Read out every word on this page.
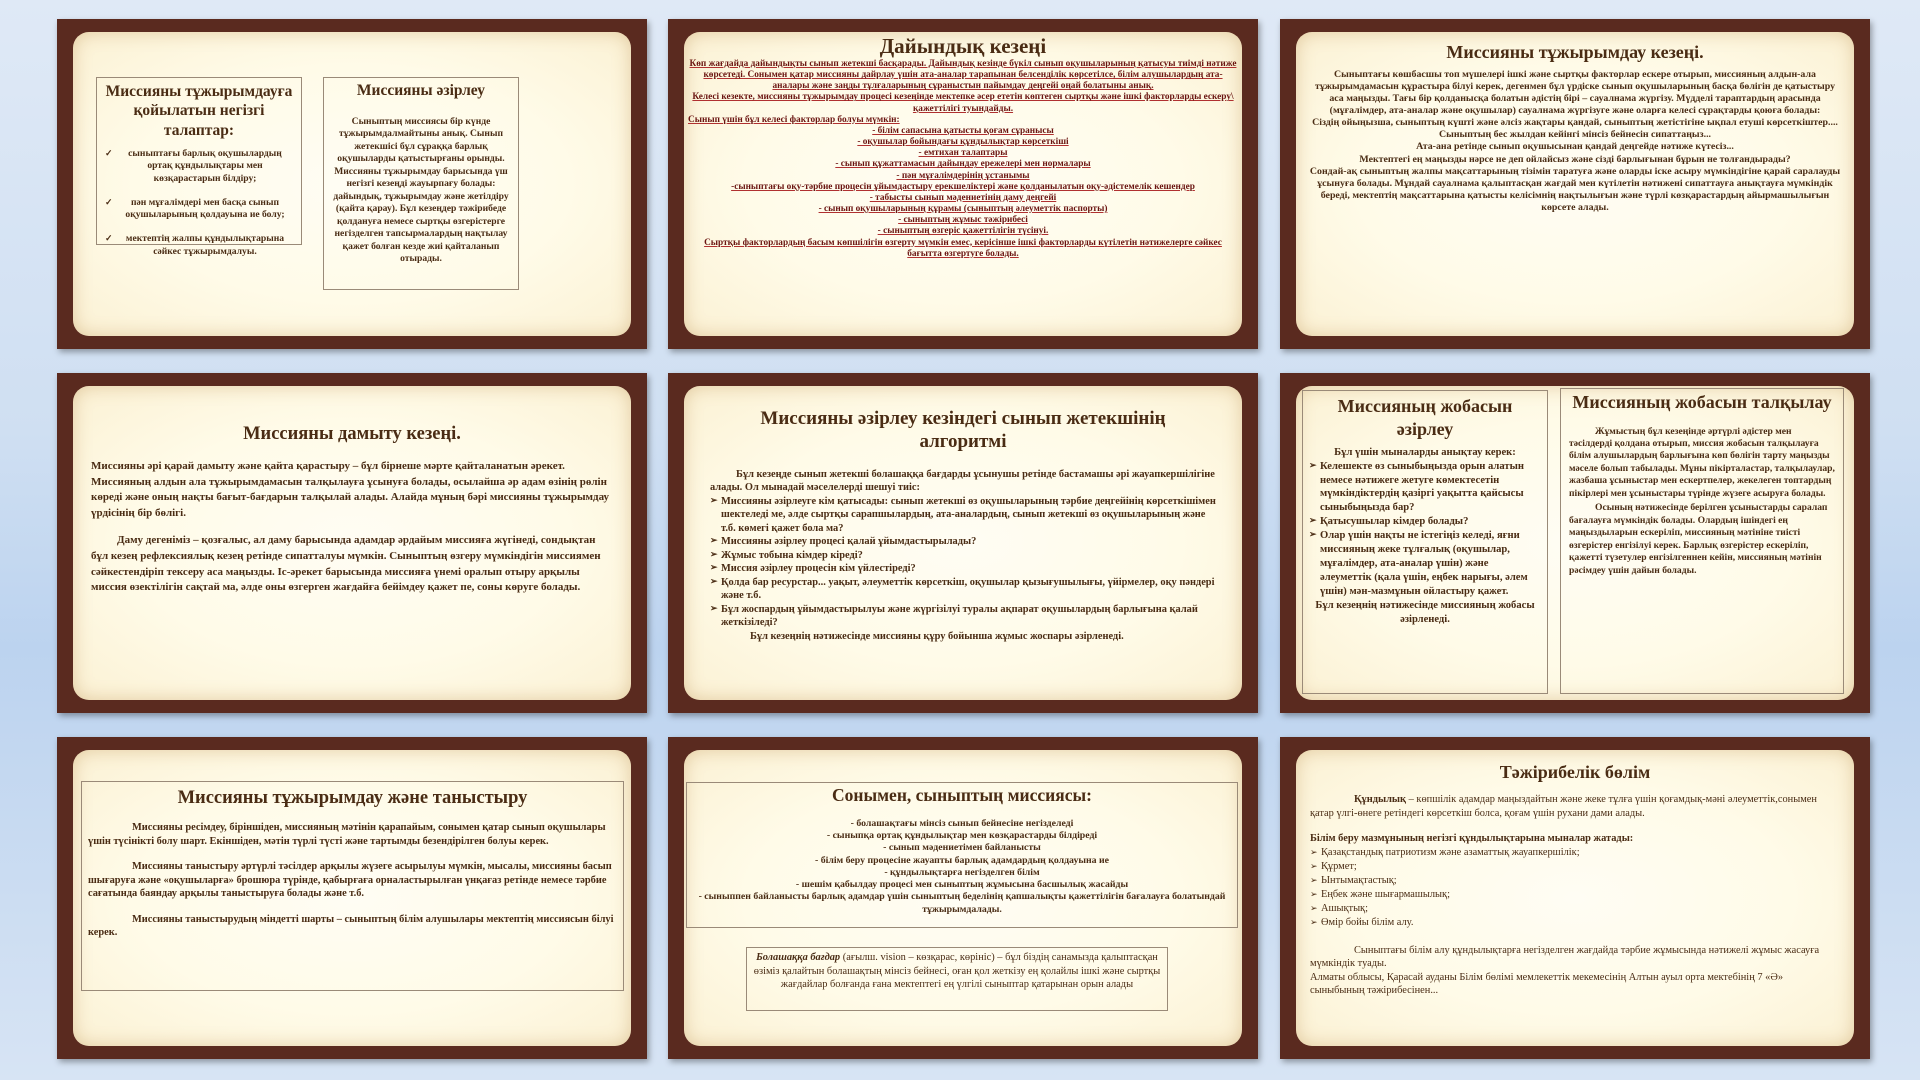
Миссияны тұжырымдауға қойылатын негізгі талаптар:
✓ сыныптағы барлық оқушылардың ортақ құндылықтары мен көзқарастарын білдіру;
✓ пән мұғалімдері мен басқа сынып оқушыларының қолдауына ие болу;
✓ мектептің жалпы құндылықтарына сәйкес тұжырымдалуы.
Миссияны әзірлеу

Сыныптың миссиясы бір күнде тұжырымдалмайтыны анық. Сынып жетекшісі бұл сұраққа барлық оқушыларды қатыстырғаны орынды. Миссияны тұжырымдау барысында үш негізгі кезеңді жауырпағу болады: дайындық, тұжырымдау және жетілдіру (қайта қарау). Бұл кезеңдер тәжірибеде қолдануға немесе сыртқы өзгерістерге негізделген тапсырмалардың нақтылау қажет болған кезде жиі қайталанып отырады.

Дайындық кезеңі

Көп жағдайда дайындықты сынып жетекші басқарады. Дайындық кезінде бүкіл сынып оқушыларының қатысуы тиімді нәтиже көрсетеді. Сонымен қатар миссияны дайрлау үшін ата-аналар тарапынан белсенділік көрсетілсе, білім алушылардың ата-аналары және заңды тұлғаларының сұраныстын пайымдау деңгейі оңай болатыны анық.

Келесі кезекте, миссияны тұжырымдау процесі кезеңінде мектепке әсер ететін көптеген сыртқы және ішкі факторларды ескеру\ қажеттілігі туындайды.

Сынып үшін бұл келесі факторлар болуы мүмкін:

- білім сапасына қатысты қоғам сұранысы

- оқушылар бойындағы құндылықтар көрсеткіші

- емтихан талаптары

- сынып құжаттамасын дайындау ережелері мен нормалары

- пән мұғалімдерінің ұстанымы

-сыныптағы оқу-тәрбие процесін ұйымдастыру ерекшеліктері және қолданылатын оқу-әдістемелік кешендер

- табысты сынып мәдениетінің даму деңгейі

- сынып оқушыларының құрамы (сыныптың әлеуметтік паспорты)

- сыныптың жұмыс тәжірибесі

- сыныптың өзгеріс қажеттілігін түсінуі.

Сыртқы факторлардың басым көпшілігін өзгерту мүмкін емес, керісінше ішкі факторларды күтілетін нәтижелерге сәйкес бағытта өзгертуге болады.

Миссияны тұжырымдау кезеңі.

Сыныптағы көшбасшы топ мүшелері ішкі және сыртқы факторлар ескере отырып, миссияның алдын-ала тұжырымдамасын құрастыра білуі керек, дегенмен бұл үрдіске сынып оқушыларының басқа бөлігін де қатыстыру аса маңызды. Тағы бір қолданысқа болатын әдістің бірі – сауалнама жүргізу. Мүдделі тараптардың арасында (мұғалімдер, ата-аналар және оқушылар) сауалнама жүргізуге және оларға келесі сұрақтарды қоюға болады:

Сіздің ойыңызша, сыныптың күшті және әлсіз жақтары қандай, сыныптың жетістігіне ықпал етуші көрсеткіштер....

Сыныптың бес жылдан кейінгі мінсіз бейнесін сипаттаңыз...

Ата-ана ретінде сынып оқушысынан қандай деңгейде нәтиже күтесіз...

Мектептегі ең маңызды нәрсе не деп ойлайсыз және сізді барлығынан бұрын не толғандырады?

Сондай-ақ сыныптың жалпы мақсаттарының тізімін таратуға және оларды іске асыру мүмкіндігіне қарай саралауды ұсынуға болады. Мұндай сауалнама қалыптасқан жағдай мен күтілетін нәтижені сипаттауға анықтауға мүмкіндік береді, мектептің мақсаттарына қатысты келісімнің нақтылығын және түрлі көзқарастардың айырмашылығын көрсете алады.

Миссияны дамыту кезеңі.

Миссияны әрі қарай дамыту және қайта қарастыру – бұл бірнеше мәрте қайталанатын әрекет. Миссияның алдын ала тұжырымдамасын талқылауға ұсынуға болады, осылайша әр адам өзінің рөлін көреді және оның нақты бағыт-бағдарын талқылай алады. Алайда мұның бәрі миссияны тұжырымдау үрдісінің бір бөлігі.

Даму дегеніміз – қозғалыс, ал даму барысында адамдар әрдайым миссияға жүгінеді, сондықтан бұл кезең рефлексиялық кезең ретінде сипатталуы мүмкін. Сыныптың өзгеру мүмкіндігін миссиямен сәйкестендіріп тексеру аса маңызды. Іс-әрекет барысында миссияға үнемі оралып отыру арқылы миссия өзектілігін сақтай ма, әлде оны өзгерген жағдайға бейімдеу қажет пе, соны көруге болады.

Миссияны әзірлеу кезіндегі сынып жетекшінің алгоритмі

Бұл кезеңде сынып жетекші болашаққа бағдарды ұсынушы ретінде бастамашы әрі жауапкершілігіне алады. Ол мынадай мәселелерді шешуі тиіс:

➢ Миссияны әзірлеуге кім қатысады: сынып жетекші өз оқушыларының тәрбие деңгейінің көрсеткішімен шектеледі ме, әлде сыртқы сарапшылардың, ата-аналардың, сынып жетекші өз оқушыларының және т.б. көмегі қажет бола ма?
➢ Миссияны әзірлеу процесі қалай ұйымдастырылады?
➢ Жұмыс тобына кімдер кіреді?
➢ Миссия әзірлеу процесін кім үйлестіреді?
➢ Қолда бар ресурстар... уақыт, әлеуметтік көрсеткіш, оқушылар қызығушылығы, үйірмелер, оқу пәндері және т.б.
➢ Бұл жоспардың ұйымдастырылуы және жүргізілуі туралы ақпарат оқушылардың барлығына қалай жеткізіледі?

Бұл кезеңнің нәтижесінде миссияны құру бойынша жұмыс жоспары әзірленеді.

Миссияның жобасын әзірлеу

Бұл үшін мыналарды анықтау керек:

➢ Келешекте өз сыныбыңызда орын алатын немесе нәтижеге жетуге көмектесетін мүмкіндіктердің қазіргі уақытта қайсысы сыныбыңызда бар?
➢ Қатысушылар кімдер болады?
➢ Олар үшін нақты не істегіңіз келеді, яғни миссияның жеке тұлғалық (оқушылар, мұғалімдер, ата-аналар үшін) және әлеуметтік (қала үшін, еңбек нарығы, әлем үшін) мән-мазмұнын ойластыру қажет.

Бұл кезеңнің нәтижесінде миссияның жобасы әзірленеді.

Миссияның жобасын талқылау

Жұмыстың бұл кезеңінде әртүрлі әдістер мен тәсілдерді қолдана отырып, миссия жобасын талқылауға білім алушылардың барлығына көп бөлігін тарту маңызды мәселе болып табылады. Мұны пікірталастар, талқылаулар, жазбаша ұсыныстар мен ескертпелер, жекелеген топтардың пікірлері мен ұсыныстары түрінде жүзеге асыруға болады.

Осының нәтижесінде берілген ұсыныстарды саралап бағалауға мүмкіндік болады. Олардың ішіндегі ең маңыздыларын ескеріліп, миссияның мәтініне тиісті өзгерістер енгізілуі керек. Барлық өзгерістер ескеріліп, қажетті түзетулер енгізілгеннен кейін, миссияның мәтінін рәсімдеу үшін дайын болады.

Миссияны тұжырымдау және таныстыру

Миссияны ресімдеу, біріншіден, миссияның мәтінін қарапайым, сонымен қатар сынып оқушылары үшін түсінікті болу шарт. Екіншіден, мәтін түрлі түсті және тартымды безендірілген болуы керек.

Миссияны таныстыру әртүрлі тәсілдер арқылы жүзеге асырылуы мүмкін, мысалы, миссияны басып шығаруға және «оқушыларға» брошюра түрінде, қабырғаға орналастырылған үнқағаз ретінде немесе тәрбие сағатында баяндау арқылы таныстыруға болады және т.б.

Миссияны таныстырудың міндетті шарты – сыныптың білім алушылары мектептің миссиясын білуі керек.

Сонымен, сыныптың миссиясы:

- болашақтағы мінсіз сынып бейнесіне негізделеді

- сыныпқа ортақ құндылықтар мен көзқарастарды білдіреді

- сынып мәдениетімен байланысты

- білім беру процесіне жауапты барлық адамдардың қолдауына ие

- құндылықтарға негізделген білім

- шешім қабылдау процесі мен сыныптың жұмысына басшылық жасайды

- сыныппен байланысты барлық адамдар үшін сыныптың беделінің қапшалықты қажеттілігін бағалауға болатындай тұжырымдалады.

Болашаққа бағдар (ағылш. vision – көзқарас, көрініс) – бұл біздің санамызда қалыптасқан өзіміз қалайтын болашақтың мінсіз бейнесі, оған қол жеткізу ең қолайлы ішкі және сыртқы жағдайлар болғанда ғана мектептегі ең үлгілі сыныптар қатарынан орын алады

Тәжірибелік бөлім

Құндылық – көпшілік адамдар маңыздайтын және жеке тұлға үшін қоғамдық-мәні әлеуметтік,сонымен қатар үлгі-өнеге ретіндегі көрсеткіш болса, қоғам үшін рухани дами алады.

Білім беру мазмұнының негізгі құндылықтарына мыналар жатады:

➢ Қазақстандық патриотизм және азаматтық жауапкершілік;
➢ Құрмет;
➢ Ынтымақтастық;
➢ Еңбек және шығармашылық;
➢ Ашықтық;
➢ Өмір бойы білім алу.

Сыныптағы білім алу құндылықтарға негізделген жағдайда тәрбие жұмысында нәтижелі жұмыс жасауға мүмкіндік туады.

Алматы облысы, Қарасай ауданы Білім бөлімі мемлекеттік мекемесінің Алтын ауыл орта мектебінің 7 «Ә» сыныбының тәжірибесінен...
